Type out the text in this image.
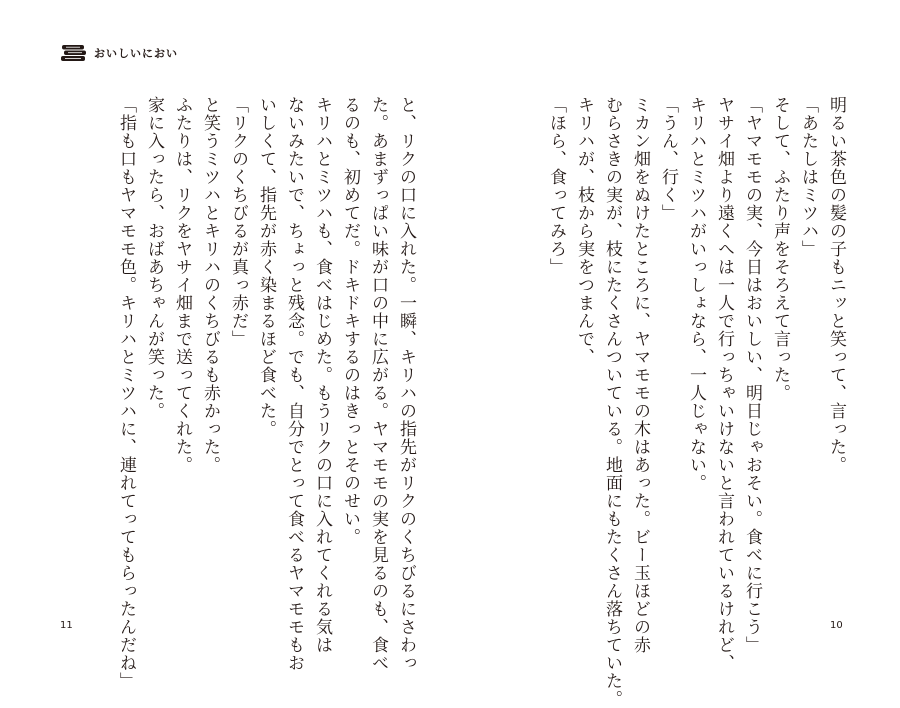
おいしいにおい
明るい茶色の髪の子もニッと笑って、言った。
「あたしはミツハ」
そして、ふたり声をそろえて言った。
「ヤマモモの実、今日はおいしい、明日じゃおそい。食べに行こう」
ヤサイ畑より遠くへは一人で行っちゃいけないと言われているけれど、
キリハとミツハがいっしょなら、一人じゃない。
「うん、行く」
ミカン畑をぬけたところに、ヤマモモの木はあった。ビー玉ほどの赤
むらさきの実が、枝にたくさんついている。地面にもたくさん落ちていた。
キリハが、枝から実をつまんで、
「ほら、食ってみろ」
と、リクの口に入れた。一瞬、キリハの指先がリクのくちびるにさわっ
た。あまずっぱい味が口の中に広がる。ヤマモモの実を見るのも、食べ
るのも、初めてだ。ドキドキするのはきっとそのせい。
キリハとミツハも、食べはじめた。もうリクの口に入れてくれる気は
ないみたいで、ちょっと残念。でも、自分でとって食べるヤマモモもお
いしくて、指先が赤く染まるほど食べた。
「リクのくちびるが真っ赤だ」
と笑うミツハとキリハのくちびるも赤かった。
ふたりは、リクをヤサイ畑まで送ってくれた。
家に入ったら、おばあちゃんが笑った。
「指も口もヤマモモ色。キリハとミツハに、連れてってもらったんだね」
11	10
